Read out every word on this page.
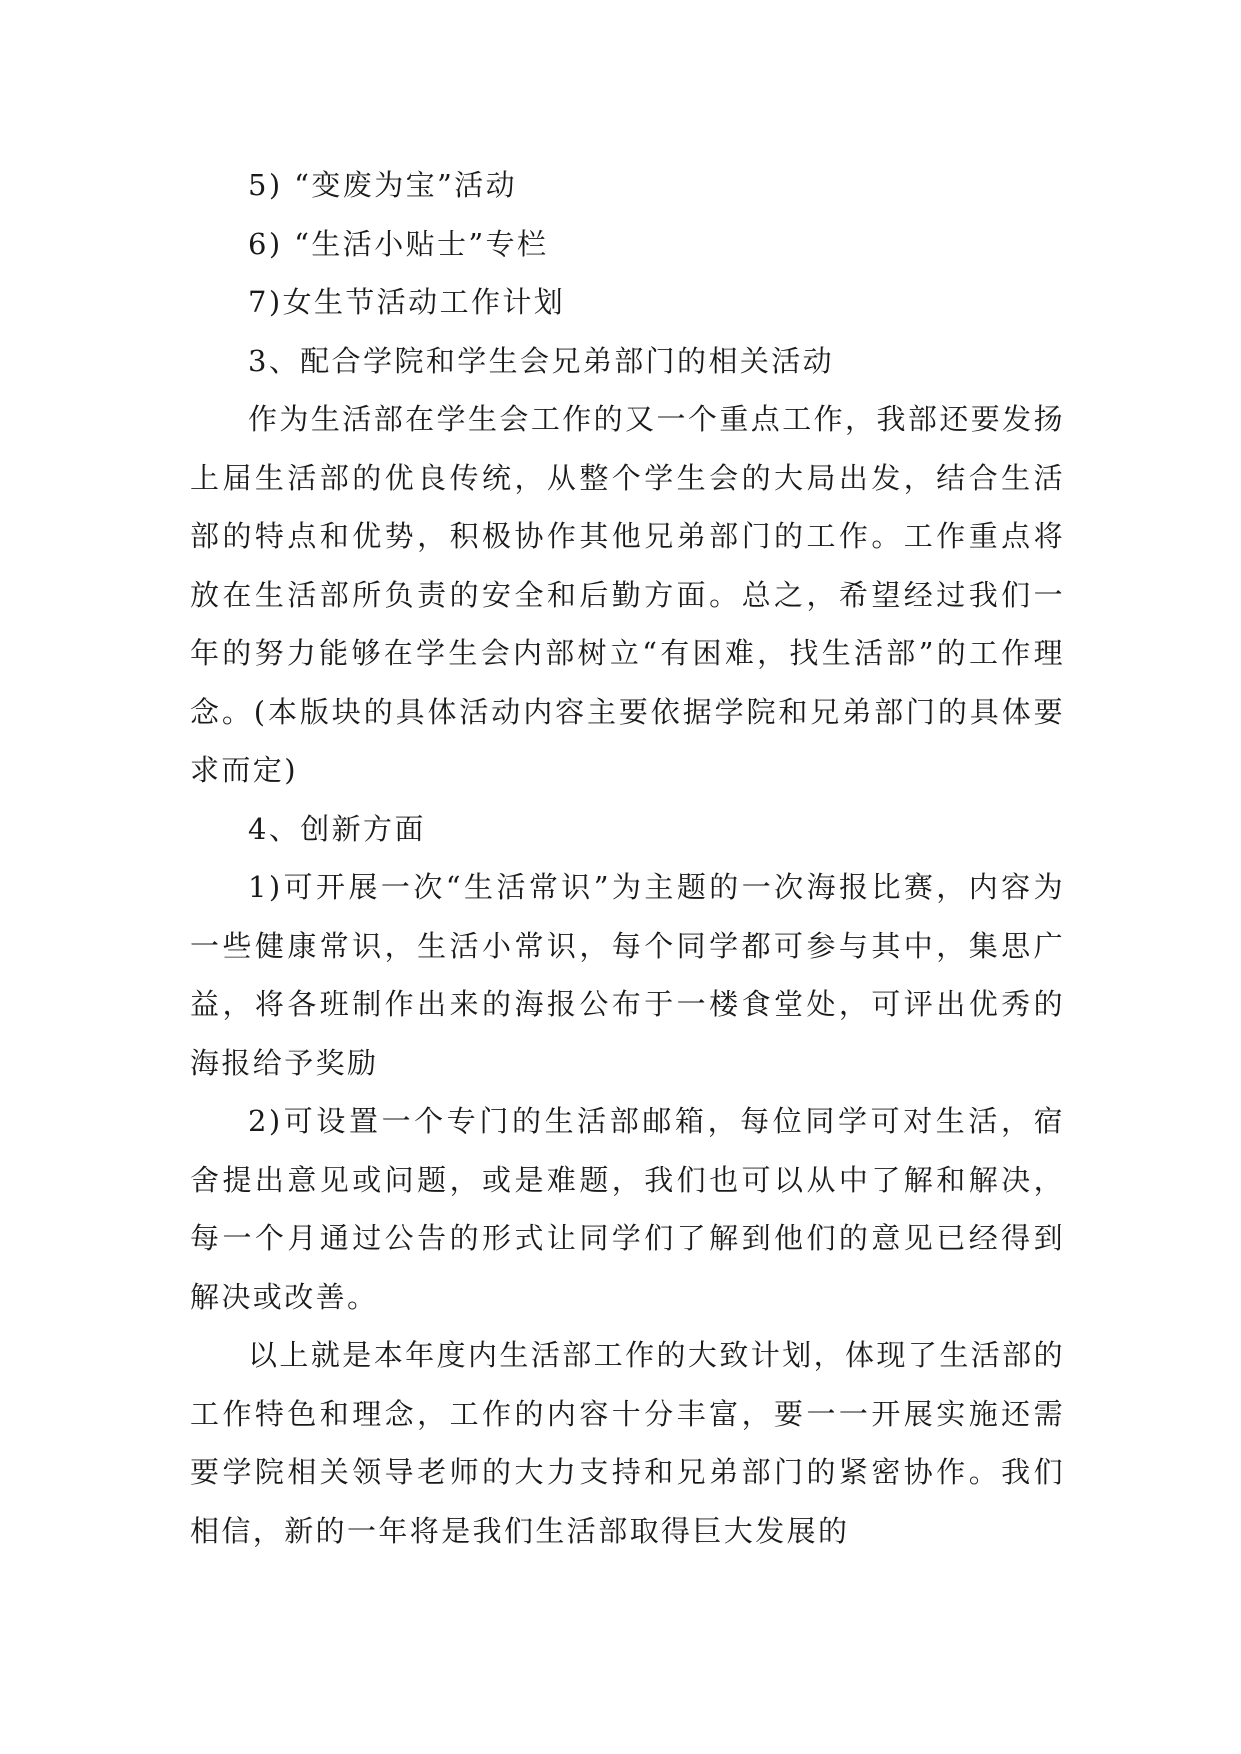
5) “变废为宝”活动

6) “生活小贴士”专栏

7)女生节活动工作计划

3、配合学院和学生会兄弟部门的相关活动

作为生活部在学生会工作的又一个重点工作，我部还要发扬上届生活部的优良传统，从整个学生会的大局出发，结合生活部的特点和优势，积极协作其他兄弟部门的工作。工作重点将放在生活部所负责的安全和后勤方面。总之，希望经过我们一年的努力能够在学生会内部树立“有困难，找生活部”的工作理念。(本版块的具体活动内容主要依据学院和兄弟部门的具体要求而定)

4、创新方面

1)可开展一次“生活常识”为主题的一次海报比赛，内容为一些健康常识，生活小常识，每个同学都可参与其中，集思广益，将各班制作出来的海报公布于一楼食堂处，可评出优秀的海报给予奖励

2)可设置一个专门的生活部邮箱，每位同学可对生活，宿舍提出意见或问题，或是难题，我们也可以从中了解和解决，每一个月通过公告的形式让同学们了解到他们的意见已经得到解决或改善。

以上就是本年度内生活部工作的大致计划，体现了生活部的工作特色和理念，工作的内容十分丰富，要一一开展实施还需要学院相关领导老师的大力支持和兄弟部门的紧密协作。我们相信，新的一年将是我们生活部取得巨大发展的
